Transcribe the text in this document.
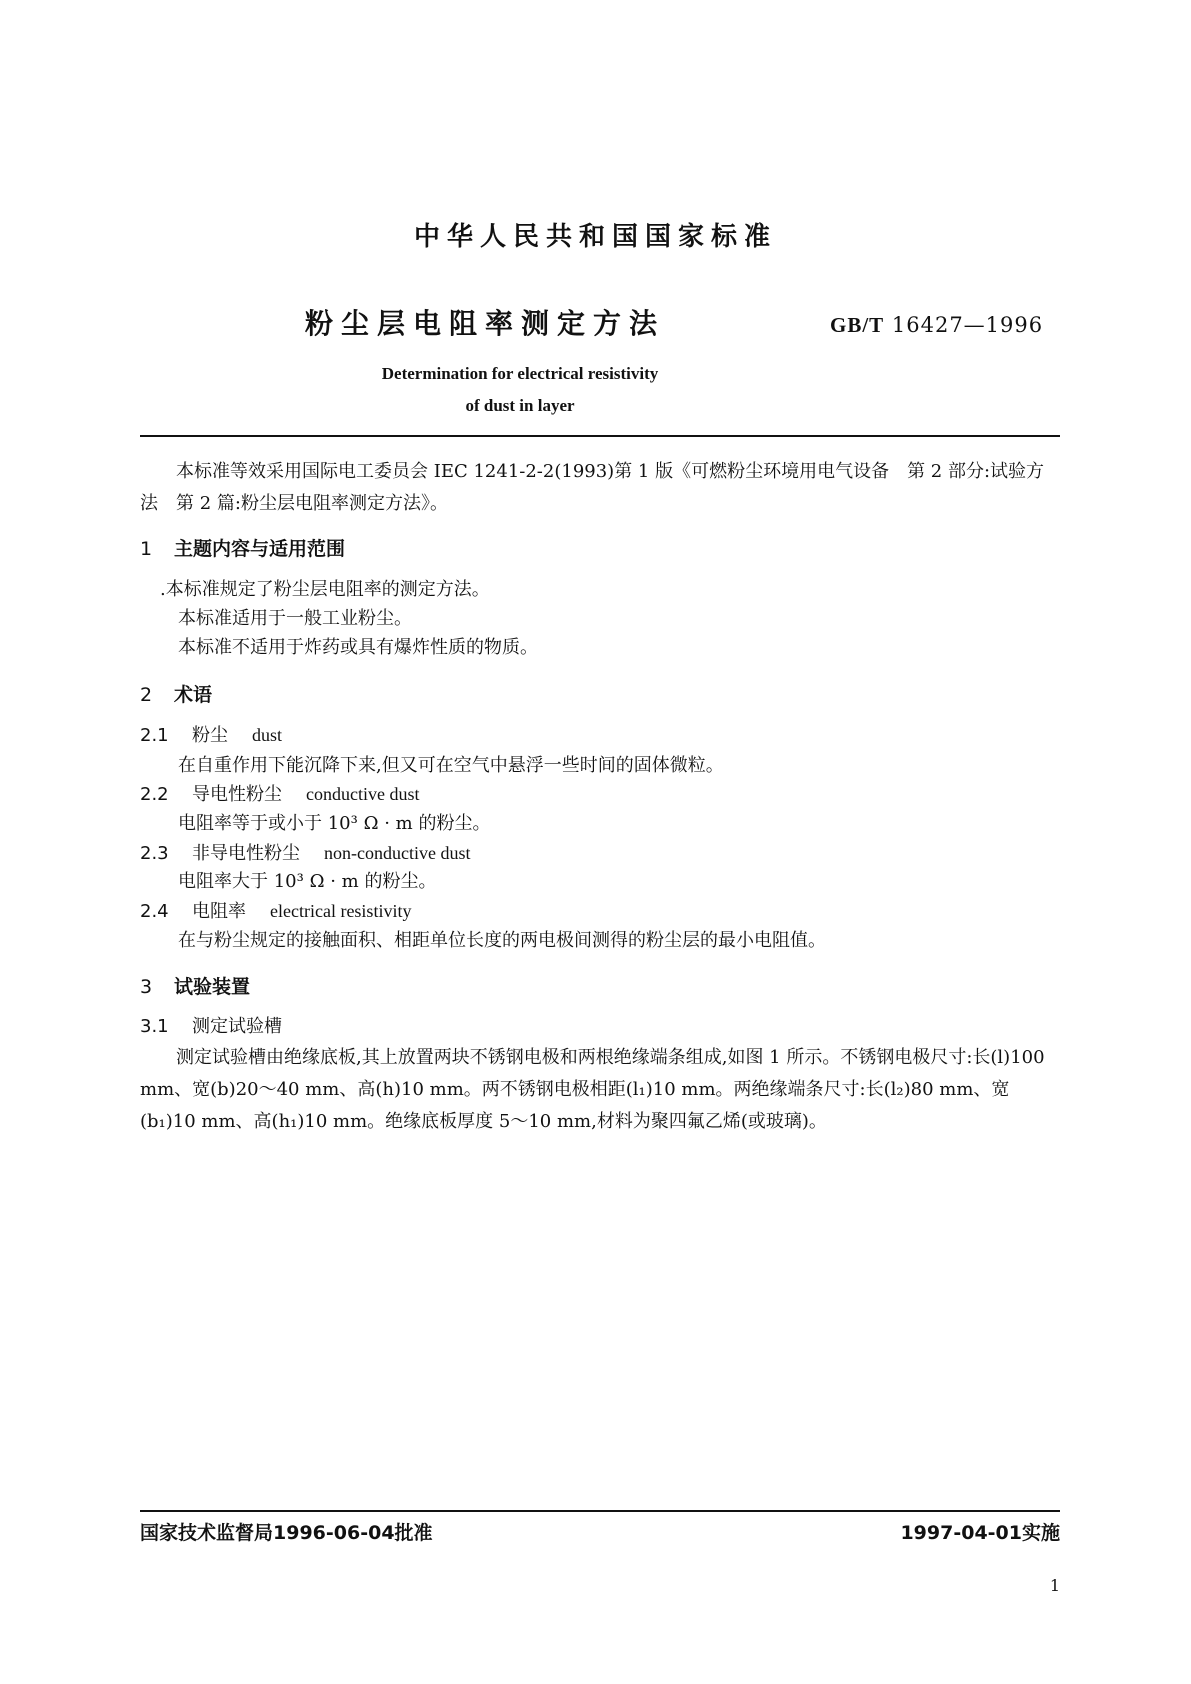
中华人民共和国国家标准
粉尘层电阻率测定方法	GB/T 16427—1996
Determination for electrical resistivity
of dust in layer
本标准等效采用国际电工委员会 IEC 1241-2-2(1993)第 1 版《可燃粉尘环境用电气设备　第 2 部分:试验方法　第 2 篇:粉尘层电阻率测定方法》。
1 主题内容与适用范围
.本标准规定了粉尘层电阻率的测定方法。
本标准适用于一般工业粉尘。
本标准不适用于炸药或具有爆炸性质的物质。
2 术语
2.1 粉尘 dust
在自重作用下能沉降下来,但又可在空气中悬浮一些时间的固体微粒。
2.2 导电性粉尘 conductive dust
电阻率等于或小于 10³ Ω · m 的粉尘。
2.3 非导电性粉尘 non-conductive dust
电阻率大于 10³ Ω · m 的粉尘。
2.4 电阻率 electrical resistivity
在与粉尘规定的接触面积、相距单位长度的两电极间测得的粉尘层的最小电阻值。
3 试验装置
3.1 测定试验槽
测定试验槽由绝缘底板,其上放置两块不锈钢电极和两根绝缘端条组成,如图 1 所示。不锈钢电极尺寸:长(l)100 mm、宽(b)20～40 mm、高(h)10 mm。两不锈钢电极相距(l₁)10 mm。两绝缘端条尺寸:长(l₂)80 mm、宽(b₁)10 mm、高(h₁)10 mm。绝缘底板厚度 5～10 mm,材料为聚四氟乙烯(或玻璃)。
国家技术监督局1996-06-04批准	1997-04-01实施
1
